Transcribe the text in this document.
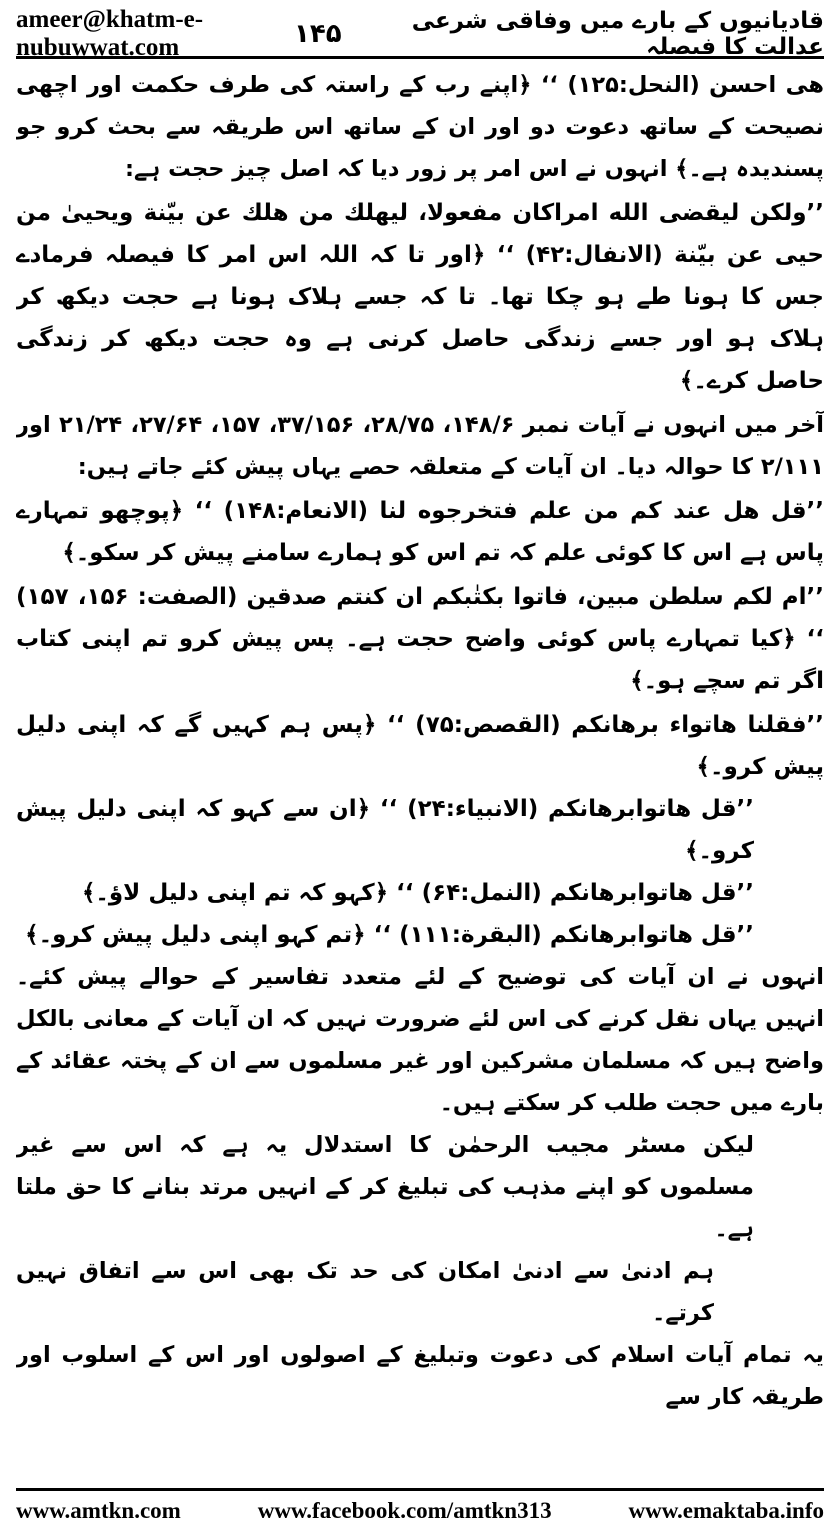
ameer@khatm-e-nubuwwat.com
قادیانیوں کے بارے میں وفاقی شرعی عدالت کا فیصلہ
۱۴۵

ھی احسن (النحل:۱۲۵) ‘‘ ﴿اپنے رب کے راستہ کی طرف حکمت اور اچھی نصیحت کے ساتھ دعوت دو اور ان کے ساتھ اس طریقہ سے بحث کرو جو پسندیدہ ہے۔﴾ انہوں نے اس امر پر زور دیا کہ اصل چیز حجت ہے:

’’ولکن لیقضی الله امراکان مفعولا، لیهلك من هلك عن بیّنة ویحییٰ من حیی عن بیّنة (الانفال:۴۲) ‘‘ ﴿اور تا کہ اللہ اس امر کا فیصلہ فرمادے جس کا ہونا طے ہو چکا تھا۔ تا کہ جسے ہلاک ہونا ہے حجت دیکھ کر ہلاک ہو اور جسے زندگی حاصل کرنی ہے وہ حجت دیکھ کر زندگی حاصل کرے۔﴾

آخر میں انہوں نے آیات نمبر ۱۴۸/۶، ۲۸/۷۵، ۳۷/۱۵۶، ۱۵۷، ۲۷/۶۴، ۲۱/۲۴ اور ۲/۱۱۱ کا حوالہ دیا۔ ان آیات کے متعلقہ حصے یہاں پیش کئے جاتے ہیں:

’’قل هل عند کم من علم فتخرجوه لنا (الانعام:۱۴۸) ‘‘ ﴿پوچھو تمہارے پاس ہے اس کا کوئی علم کہ تم اس کو ہمارے سامنے پیش کر سکو۔﴾

’’ام لکم سلطن مبین، فاتوا بکتٰبکم ان کنتم صدقین (الصفت: ۱۵۶، ۱۵۷) ‘‘ ﴿کیا تمہارے پاس کوئی واضح حجت ہے۔ پس پیش کرو تم اپنی کتاب اگر تم سچے ہو۔﴾

’’فقلنا هاتواء برهانکم (القصص:۷۵) ‘‘ ﴿پس ہم کہیں گے کہ اپنی دلیل پیش کرو۔﴾

’’قل هاتوابرهانکم (الانبیاء:۲۴) ‘‘ ﴿ان سے کہو کہ اپنی دلیل پیش کرو۔﴾

’’قل هاتوابرهانکم (النمل:۶۴) ‘‘ ﴿کہو کہ تم اپنی دلیل لاؤ۔﴾

’’قل هاتوابرهانکم (البقرة:۱۱۱) ‘‘ ﴿تم کہو اپنی دلیل پیش کرو۔﴾

انہوں نے ان آیات کی توضیح کے لئے متعدد تفاسیر کے حوالے پیش کئے۔ انہیں یہاں نقل کرنے کی اس لئے ضرورت نہیں کہ ان آیات کے معانی بالکل واضح ہیں کہ مسلمان مشرکین اور غیر مسلموں سے ان کے پختہ عقائد کے بارے میں حجت طلب کر سکتے ہیں۔

لیکن مسٹر مجیب الرحمٰن کا استدلال یہ ہے کہ اس سے غیر مسلموں کو اپنے مذہب کی تبلیغ کر کے انہیں مرتد بنانے کا حق ملتا ہے۔

ہم ادنیٰ سے ادنیٰ امکان کی حد تک بھی اس سے اتفاق نہیں کرتے۔

یہ تمام آیات اسلام کی دعوت وتبلیغ کے اصولوں اور اس کے اسلوب اور طریقہ کار سے

www.amtkn.com	www.facebook.com/amtkn313	www.emaktaba.info
